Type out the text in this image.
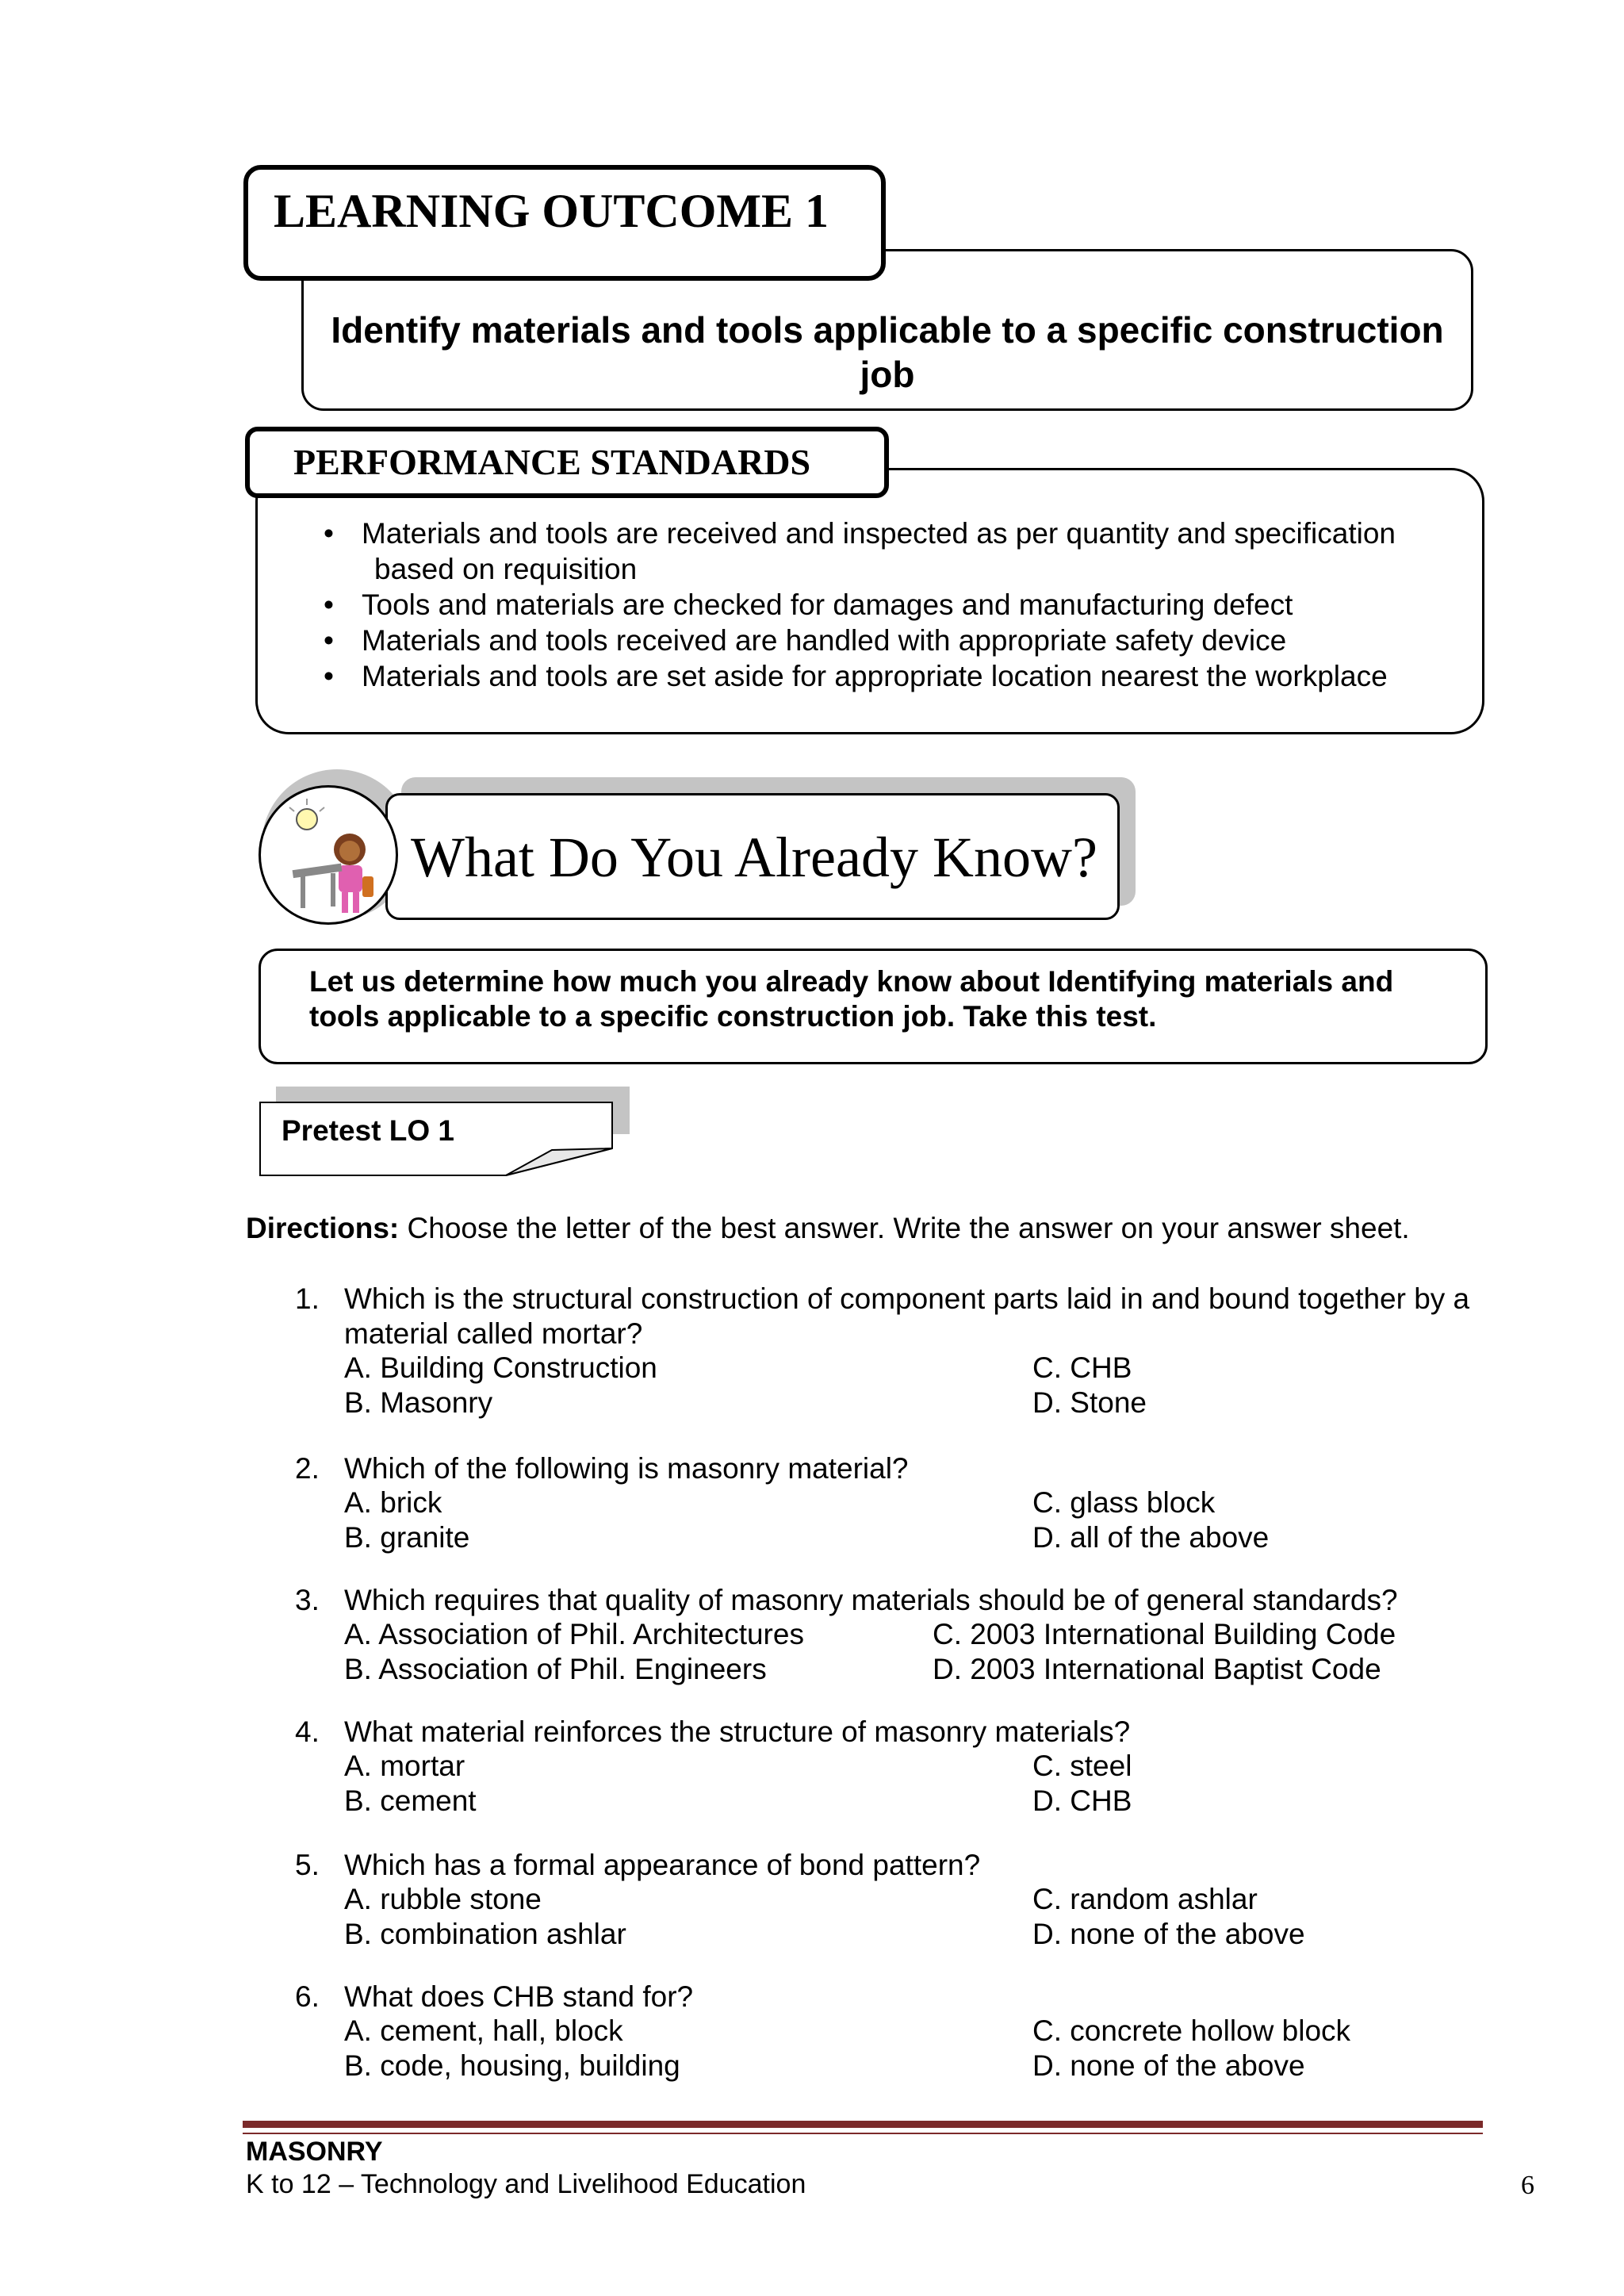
LEARNING OUTCOME 1
Identify materials and tools applicable to a specific construction job
PERFORMANCE STANDARDS
• Materials and tools are received and inspected as per quantity and specification
based on requisition
• Tools and materials are checked for damages and manufacturing defect
• Materials and tools received are handled with appropriate safety device
• Materials and tools are set aside for appropriate location nearest the workplace
What Do You Already Know?
Let us determine how much you already know about Identifying materials and tools applicable to a specific construction job. Take this test.
Pretest LO 1
Directions: Choose the letter of the best answer. Write the answer on your answer sheet.
1. Which is the structural construction of component parts laid in and bound together by a material called mortar?
A. Building Construction
B. Masonry
C. CHB
D. Stone
2. Which of the following is masonry material?
A. brick
B. granite
C. glass block
D. all of the above
3. Which requires that quality of masonry materials should be of general standards?
A. Association of Phil. Architectures
B. Association of Phil. Engineers
C. 2003 International Building Code
D. 2003 International Baptist Code
4. What material reinforces the structure of masonry materials?
A. mortar
B. cement
C. steel
D. CHB
5. Which has a formal appearance of bond pattern?
A. rubble stone
B. combination ashlar
C. random ashlar
D. none of the above
6. What does CHB stand for?
A. cement, hall, block
B. code, housing, building
C. concrete hollow block
D. none of the above
MASONRY
K to 12 – Technology and Livelihood Education	6
